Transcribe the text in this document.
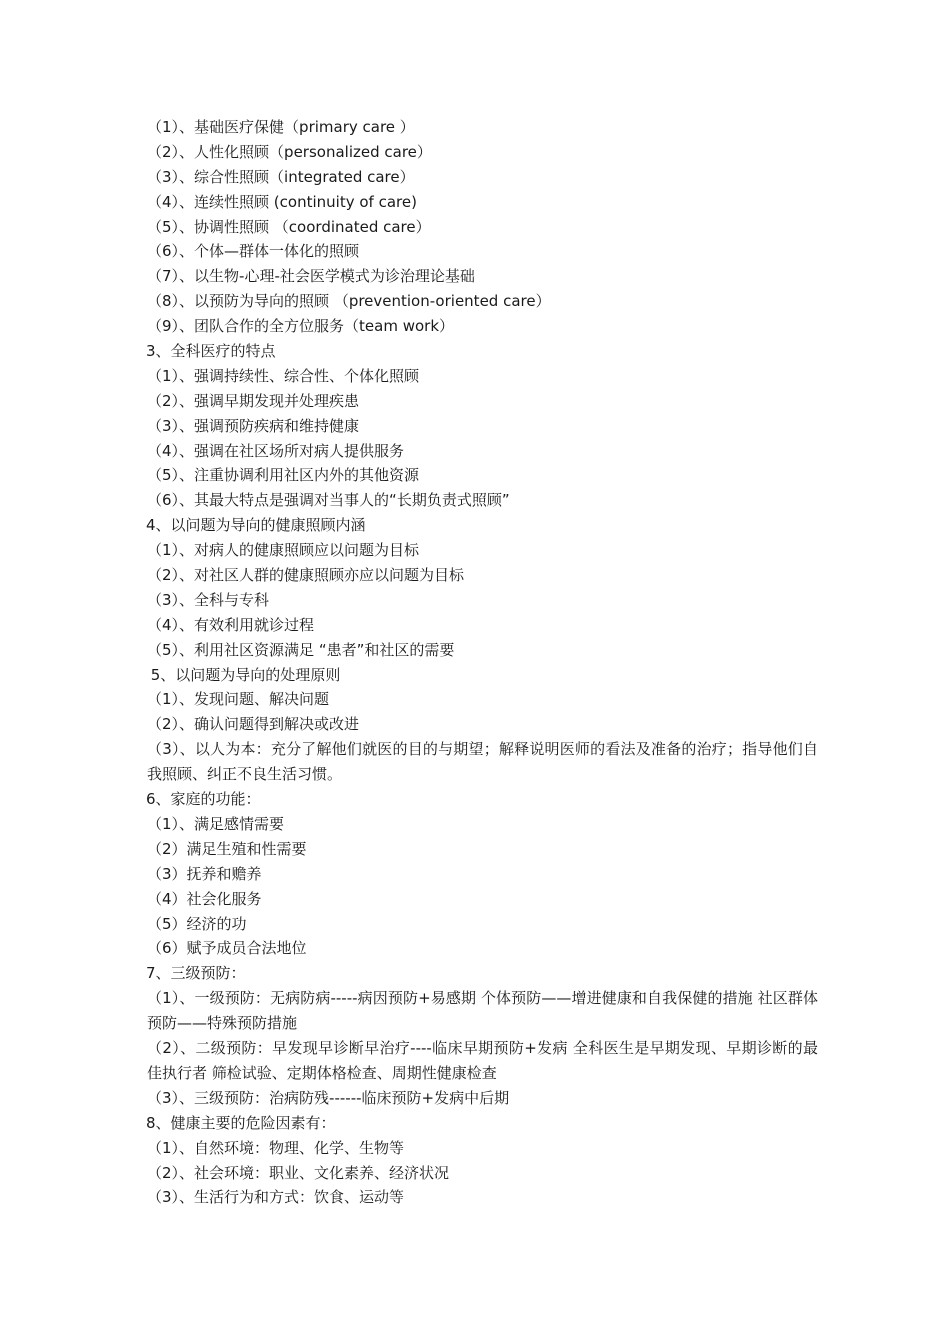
（1）、基础医疗保健（primary care ）
（2）、人性化照顾（personalized care）
（3）、综合性照顾（integrated care）
（4）、连续性照顾 (continuity of care)
（5）、协调性照顾 （coordinated care）
（6）、个体—群体一体化的照顾
（7）、以生物-心理-社会医学模式为诊治理论基础
（8）、以预防为导向的照顾 （prevention-oriented care）
（9）、团队合作的全方位服务（team work）
3、全科医疗的特点
（1）、强调持续性、综合性、个体化照顾
（2）、强调早期发现并处理疾患
（3）、强调预防疾病和维持健康
（4）、强调在社区场所对病人提供服务
（5）、注重协调利用社区内外的其他资源
（6）、其最大特点是强调对当事人的“长期负责式照顾”
4、以问题为导向的健康照顾内涵
（1）、对病人的健康照顾应以问题为目标
（2）、对社区人群的健康照顾亦应以问题为目标
（3）、全科与专科
（4）、有效利用就诊过程
（5）、利用社区资源满足 “患者”和社区的需要
5、以问题为导向的处理原则
（1）、发现问题、解决问题
（2）、确认问题得到解决或改进
（3）、以人为本：充分了解他们就医的目的与期望；解释说明医师的看法及准备的治疗；指导他们自我照顾、纠正不良生活习惯。
6、家庭的功能：
（1）、满足感情需要
（2）满足生殖和性需要
（3）抚养和赡养
（4）社会化服务
（5）经济的功
（6）赋予成员合法地位
7、三级预防：
（1）、一级预防：无病防病-----病因预防+易感期 个体预防——增进健康和自我保健的措施 社区群体预防——特殊预防措施
（2）、二级预防：早发现早诊断早治疗----临床早期预防+发病 全科医生是早期发现、早期诊断的最佳执行者 筛检试验、定期体格检查、周期性健康检查
（3）、三级预防：治病防残------临床预防+发病中后期
8、健康主要的危险因素有：
（1）、自然环境：物理、化学、生物等
（2）、社会环境：职业、文化素养、经济状况
（3）、生活行为和方式：饮食、运动等
